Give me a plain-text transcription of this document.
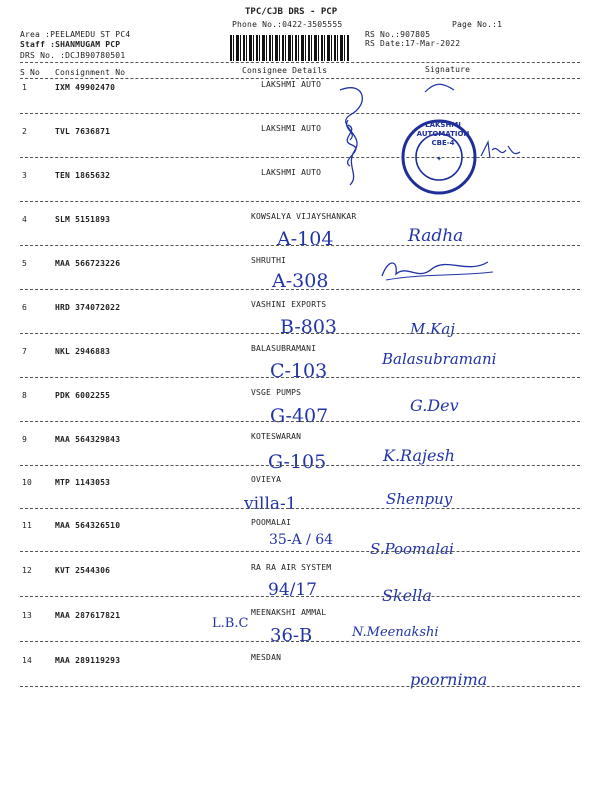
TPC/CJB DRS - PCP
Phone No.:0422-3505555	Page No.:1
Area :PEELAMEDU ST PC4
Staff :SHANMUGAM PCP
DRS No. :DCJB90780501
RS No.:907805
RS Date:17-Mar-2022
S No Consignment No	Consignee Details	Signature
1	IXM 49902470	LAKSHMI AUTO
2	TVL 7636871	LAKSHMI AUTO
3	TEN 1865632	LAKSHMI AUTO
4	SLM 5151893	KOWSALYA VIJAYSHANKAR
A-104	Radha
5	MAA 566723226	SHRUTHI
A-308
6	HRD 374072022	VASHINI EXPORTS
B-803	M.Kaj
7	NKL 2946883	BALASUBRAMANI
C-103
Balasubramani
8	PDK 6002255	VSGE PUMPS
G-407	G.Dev
9	MAA 564329843	KOTESWARAN
G-105	K.Rajesh
10	MTP 1143053	OVIEYA
villa-1	Shenpuy
11	MAA 564326510	POOMALAI
35-A / 64 S.Poomalai
12	KVT 2544306	RA RA AIR SYSTEM
94/17	Skella
13	MAA 287617821	MEENAKSHI AMMAL
36-B	N.Meenakshi
14	MAA 289119293	MESDAN
poornima
✦
LAKSHMI AUTOMATION CBE-4
L.B.C
